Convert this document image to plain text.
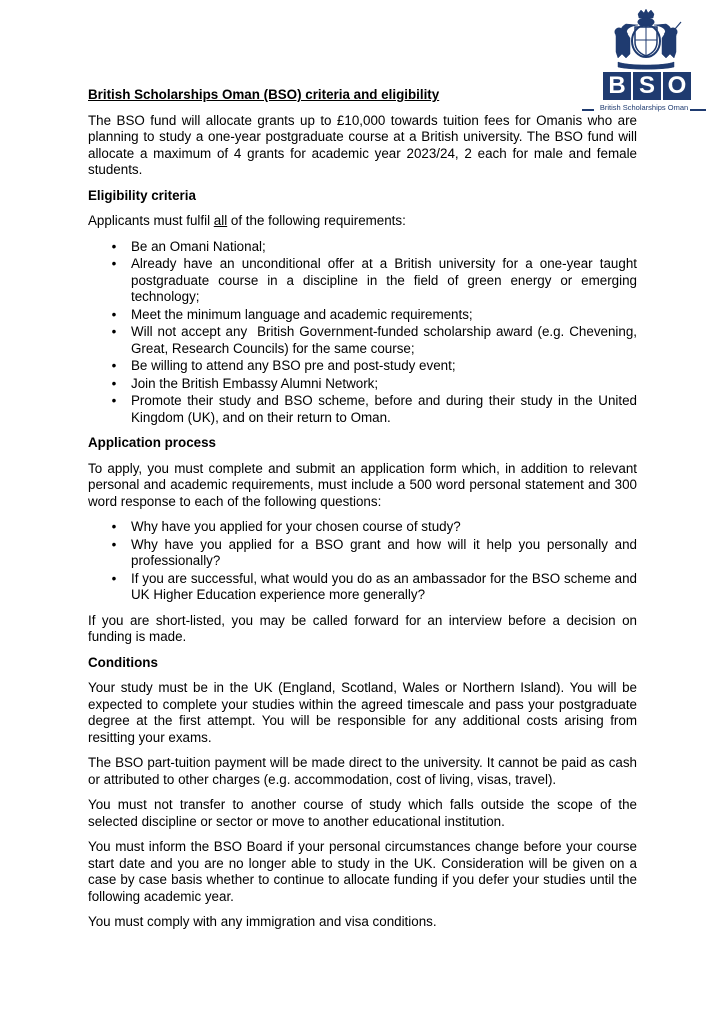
B S O
British Scholarships Oman
British Scholarships Oman (BSO) criteria and eligibility

The BSO fund will allocate grants up to £10,000 towards tuition fees for Omanis who are planning to study a one-year postgraduate course at a British university. The BSO fund will allocate a maximum of 4 grants for academic year 2023/24, 2 each for male and female students.

Eligibility criteria

Applicants must fulfil all of the following requirements:

• Be an Omani National;
• Already have an unconditional offer at a British university for a one-year taught postgraduate course in a discipline in the field of green energy or emerging technology;
• Meet the minimum language and academic requirements;
• Will not accept any  British Government-funded scholarship award (e.g. Chevening, Great, Research Councils) for the same course;
• Be willing to attend any BSO pre and post-study event;
• Join the British Embassy Alumni Network;
• Promote their study and BSO scheme, before and during their study in the United Kingdom (UK), and on their return to Oman.
Application process

To apply, you must complete and submit an application form which, in addition to relevant personal and academic requirements, must include a 500 word personal statement and 300 word response to each of the following questions:

• Why have you applied for your chosen course of study?
• Why have you applied for a BSO grant and how will it help you personally and professionally?
• If you are successful, what would you do as an ambassador for the BSO scheme and UK Higher Education experience more generally?

If you are short-listed, you may be called forward for an interview before a decision on funding is made.

Conditions

Your study must be in the UK (England, Scotland, Wales or Northern Island). You will be expected to complete your studies within the agreed timescale and pass your postgraduate degree at the first attempt. You will be responsible for any additional costs arising from resitting your exams.

The BSO part-tuition payment will be made direct to the university. It cannot be paid as cash or attributed to other charges (e.g. accommodation, cost of living, visas, travel).

You must not transfer to another course of study which falls outside the scope of the selected discipline or sector or move to another educational institution.

You must inform the BSO Board if your personal circumstances change before your course start date and you are no longer able to study in the UK. Consideration will be given on a case by case basis whether to continue to allocate funding if you defer your studies until the following academic year.

You must comply with any immigration and visa conditions.
